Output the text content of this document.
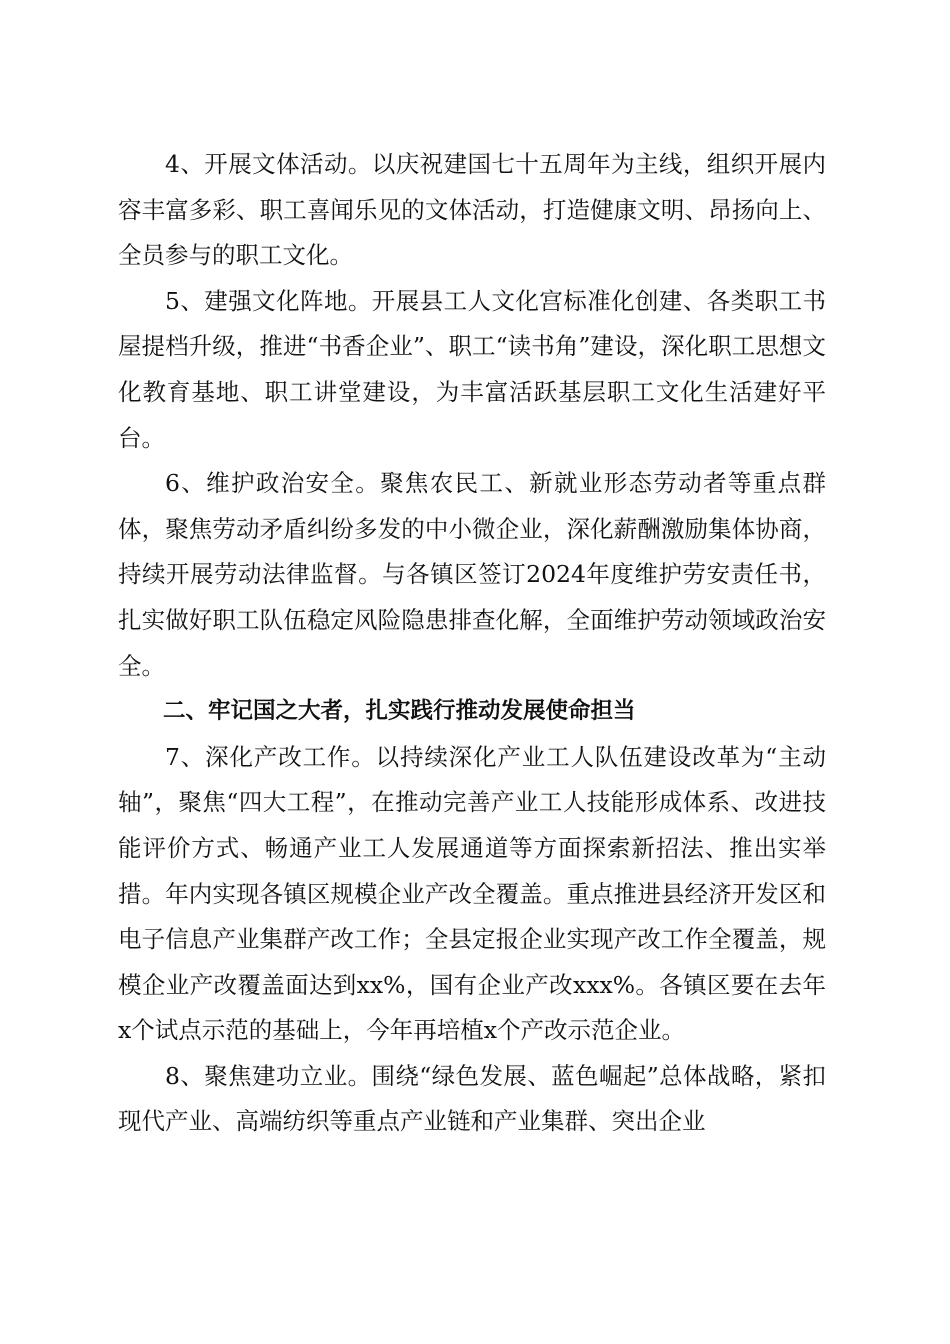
4、开展文体活动。以庆祝建国七十五周年为主线，组织开展内容丰富多彩、职工喜闻乐见的文体活动，打造健康文明、昂扬向上、全员参与的职工文化。

5、建强文化阵地。开展县工人文化宫标准化创建、各类职工书屋提档升级，推进“书香企业”、职工“读书角”建设，深化职工思想文化教育基地、职工讲堂建设，为丰富活跃基层职工文化生活建好平台。

6、维护政治安全。聚焦农民工、新就业形态劳动者等重点群体，聚焦劳动矛盾纠纷多发的中小微企业，深化薪酬激励集体协商，持续开展劳动法律监督。与各镇区签订2024年度维护劳安责任书，扎实做好职工队伍稳定风险隐患排查化解，全面维护劳动领域政治安全。

二、牢记国之大者，扎实践行推动发展使命担当

7、深化产改工作。以持续深化产业工人队伍建设改革为“主动轴”，聚焦“四大工程”，在推动完善产业工人技能形成体系、改进技能评价方式、畅通产业工人发展通道等方面探索新招法、推出实举措。年内实现各镇区规模企业产改全覆盖。重点推进县经济开发区和电子信息产业集群产改工作；全县定报企业实现产改工作全覆盖，规模企业产改覆盖面达到xx%，国有企业产改xxx%。各镇区要在去年x个试点示范的基础上，今年再培植x个产改示范企业。

8、聚焦建功立业。围绕“绿色发展、蓝色崛起”总体战略，紧扣现代产业、高端纺织等重点产业链和产业集群、突出企业
